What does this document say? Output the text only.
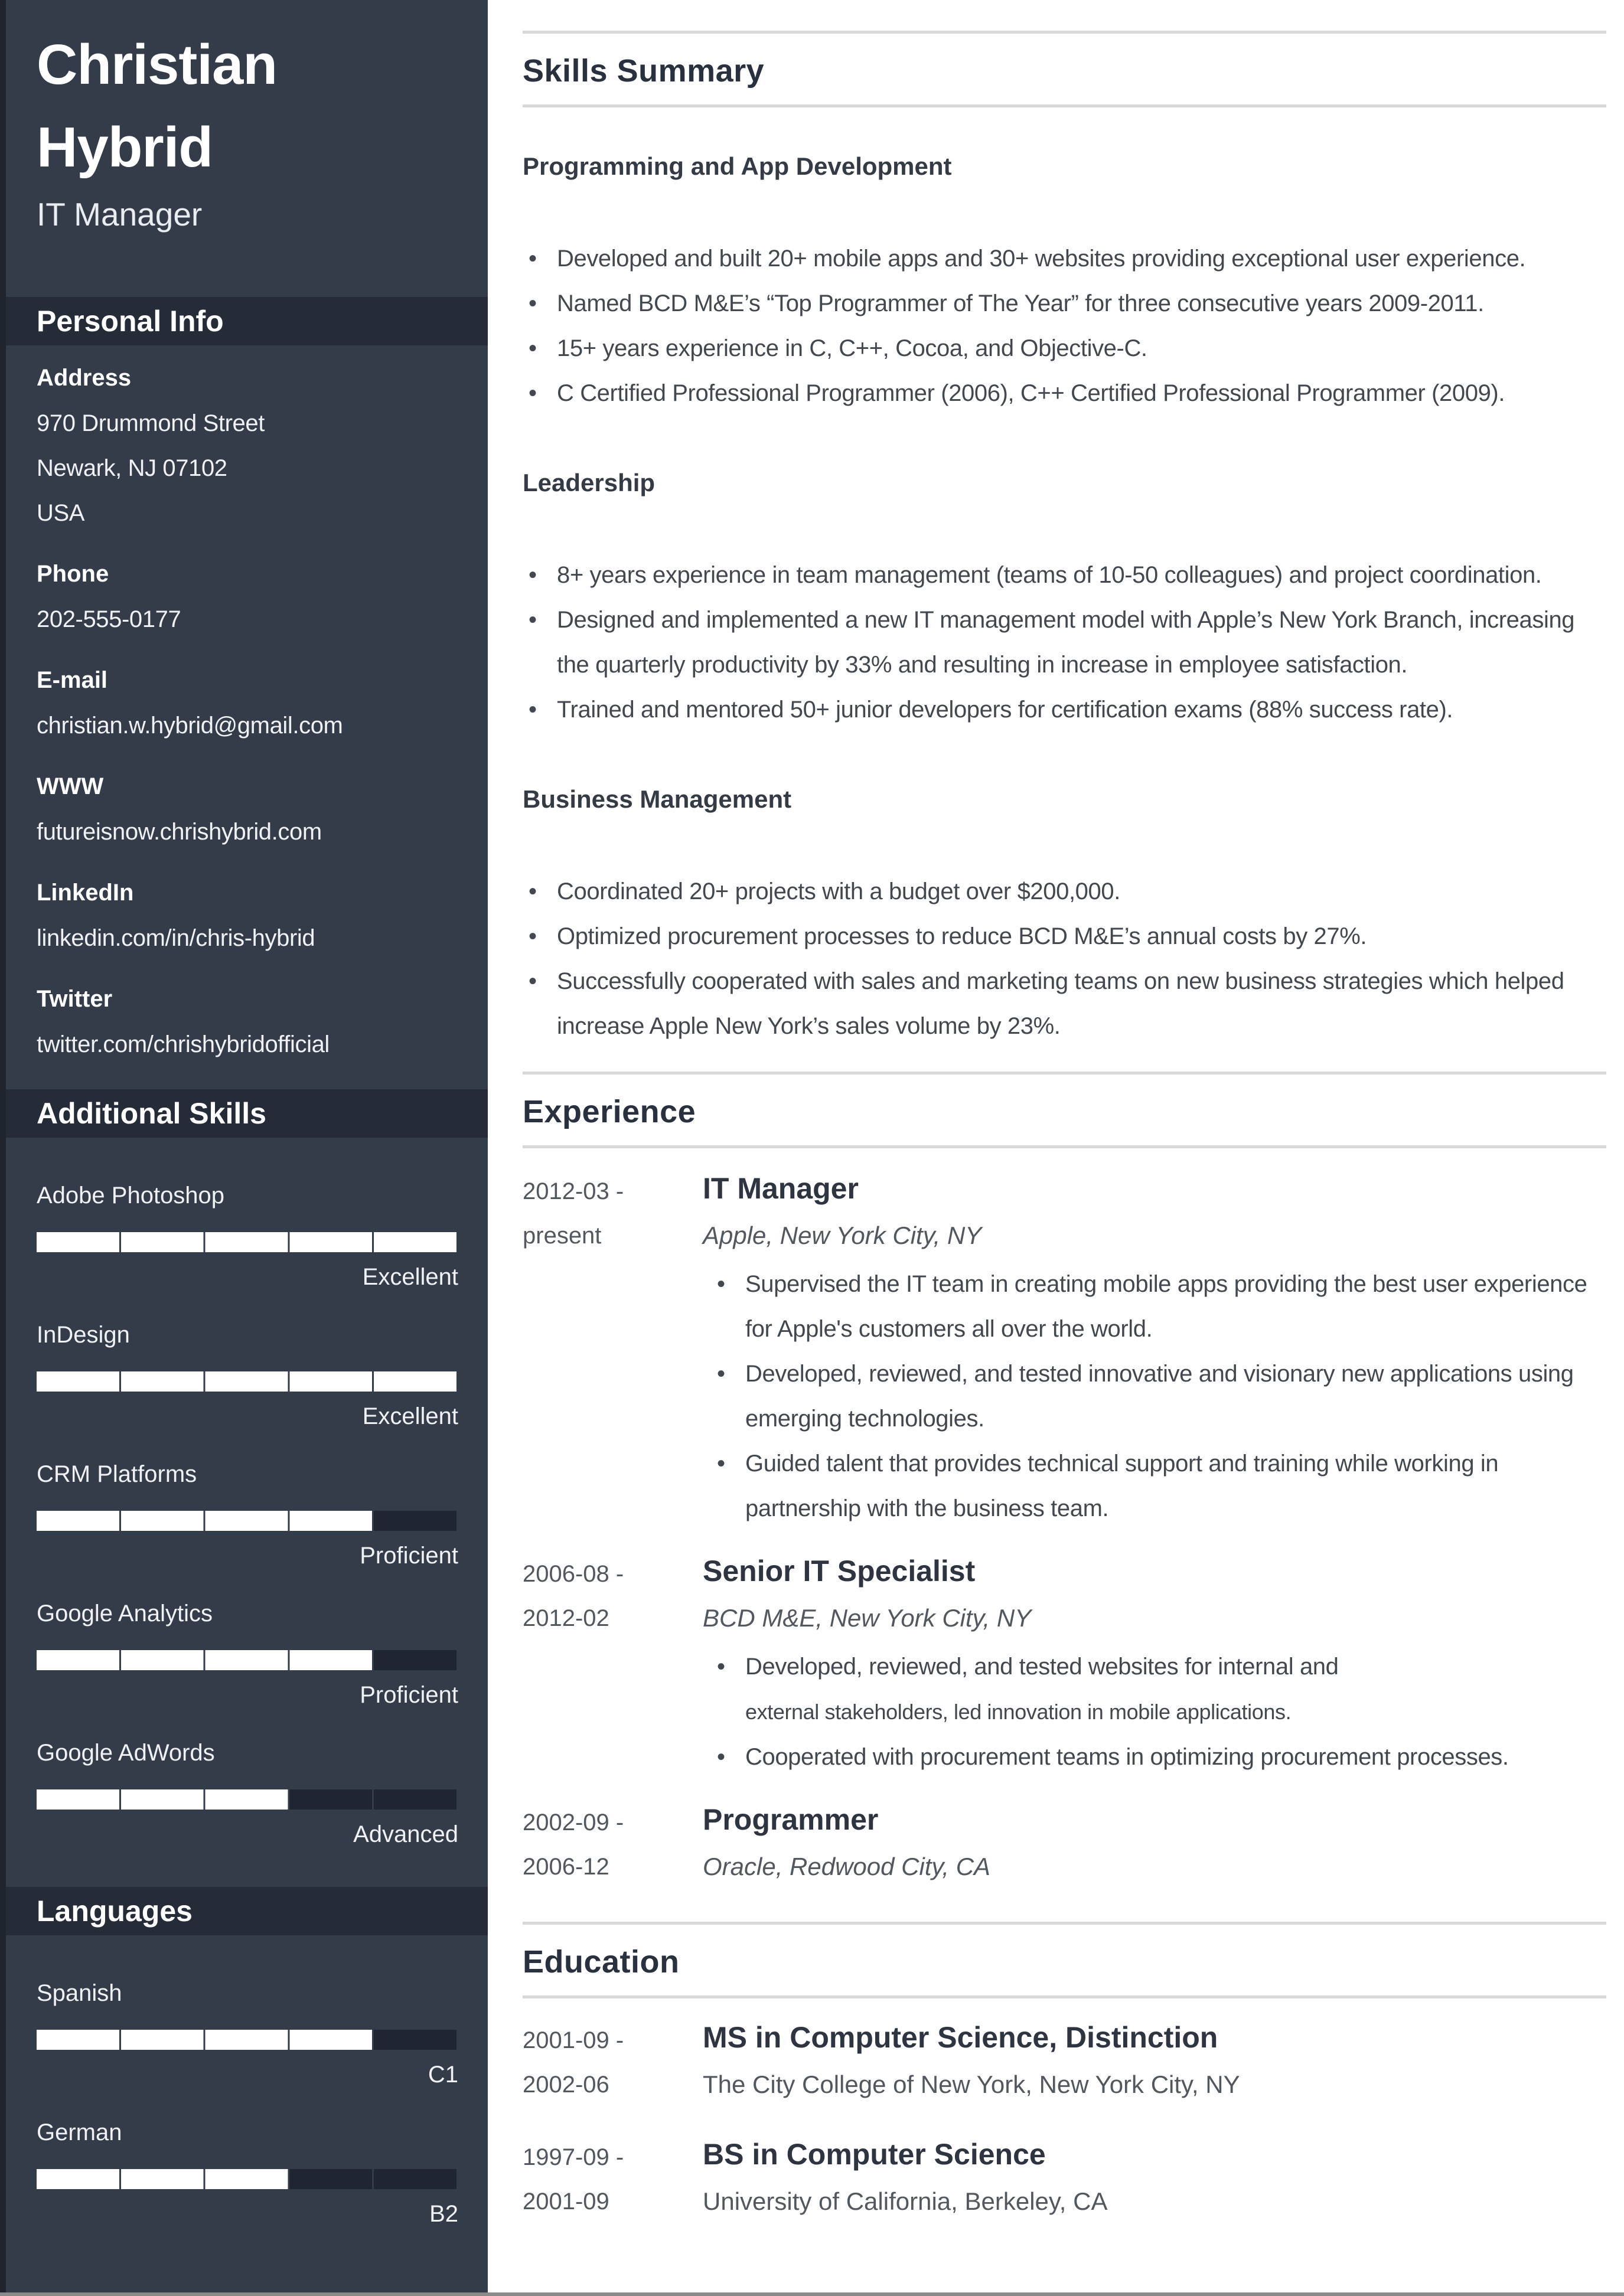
Christian
Hybrid
IT Manager
Personal Info
Address
970 Drummond Street
Newark, NJ 07102
USA
Phone
202-555-0177
E-mail
christian.w.hybrid@gmail.com
WWW
futureisnow.chrishybrid.com
LinkedIn
linkedin.com/in/chris-hybrid
Twitter
twitter.com/chrishybridofficial
Additional Skills
Adobe Photoshop
Excellent
InDesign
Excellent
CRM Platforms
Proficient
Google Analytics
Proficient
Google AdWords
Advanced
Languages
Spanish
C1
German
B2
Skills Summary
Programming and App Development
• Developed and built 20+ mobile apps and 30+ websites providing exceptional user experience.
• Named BCD M&E’s “Top Programmer of The Year” for three consecutive years 2009-2011.
• 15+ years experience in C, C++, Cocoa, and Objective-C.
• C Certified Professional Programmer (2006), C++ Certified Professional Programmer (2009).
Leadership
• 8+ years experience in team management (teams of 10-50 colleagues) and project coordination.
• Designed and implemented a new IT management model with Apple’s New York Branch, increasing the quarterly productivity by 33% and resulting in increase in employee satisfaction.
• Trained and mentored 50+ junior developers for certification exams (88% success rate).
Business Management
• Coordinated 20+ projects with a budget over $200,000.
• Optimized procurement processes to reduce BCD M&E’s annual costs by 27%.
• Successfully cooperated with sales and marketing teams on new business strategies which helped increase Apple New York’s sales volume by 23%.
Experience
2012-03 -
present
IT Manager
Apple, New York City, NY
• Supervised the IT team in creating mobile apps providing the best user experience for Apple's customers all over the world.
• Developed, reviewed, and tested innovative and visionary new applications using emerging technologies.
• Guided talent that provides technical support and training while working in partnership with the business team.
2006-08 -
2012-02
Senior IT Specialist
BCD M&E, New York City, NY
• Developed, reviewed, and tested websites for internal and
external stakeholders, led innovation in mobile applications.
• Cooperated with procurement teams in optimizing procurement processes.
2002-09 -
2006-12
Programmer
Oracle, Redwood City, CA
Education
2001-09 -
2002-06
MS in Computer Science, Distinction
The City College of New York, New York City, NY
1997-09 -
2001-09
BS in Computer Science
University of California, Berkeley, CA
